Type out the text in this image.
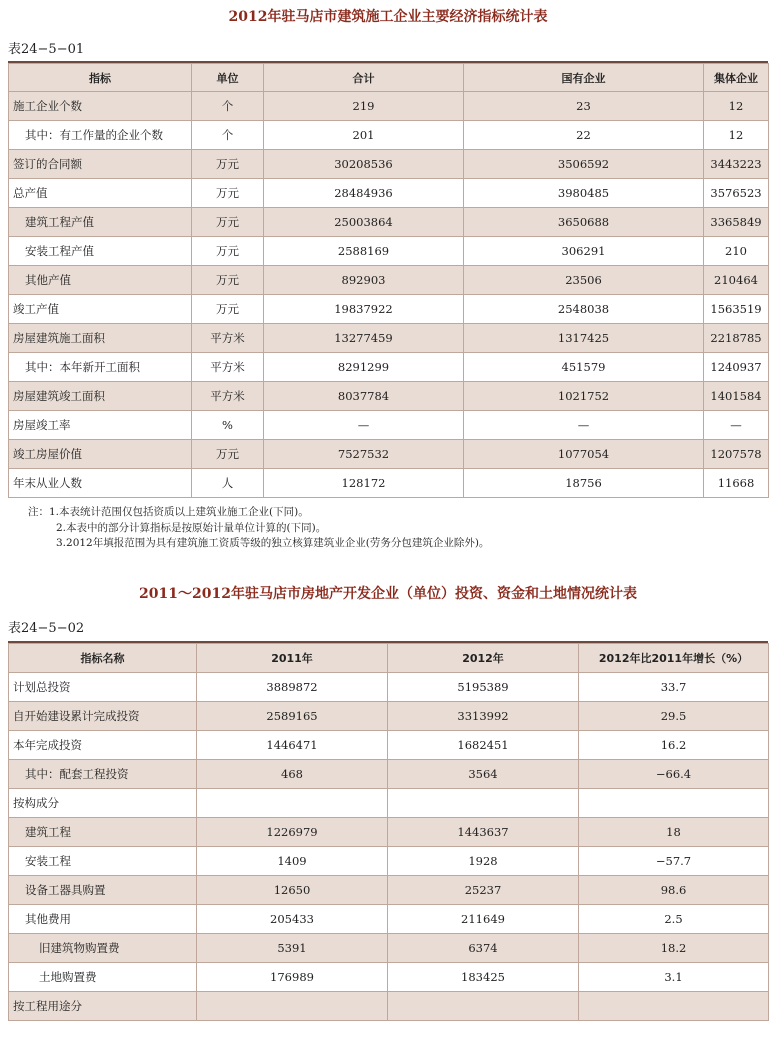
2012年驻马店市建筑施工企业主要经济指标统计表
表24−5−01
指标	单位	合计	国有企业	集体企业
施工企业个数	个	219	23	12
其中：有工作量的企业个数	个	201	22	12
签订的合同额	万元	30208536	3506592	3443223
总产值	万元	28484936	3980485	3576523
建筑工程产值	万元	25003864	3650688	3365849
安装工程产值	万元	2588169	306291	210
其他产值	万元	892903	23506	210464
竣工产值	万元	19837922	2548038	1563519
房屋建筑施工面积	平方米	13277459	1317425	2218785
其中：本年新开工面积	平方米	8291299	451579	1240937
房屋建筑竣工面积	平方米	8037784	1021752	1401584
房屋竣工率	%	—	—	—
竣工房屋价值	万元	7527532	1077054	1207578
年末从业人数	人	128172	18756	11668
注：1.本表统计范围仅包括资质以上建筑业施工企业(下同)。
2.本表中的部分计算指标是按原始计量单位计算的(下同)。
3.2012年填报范围为具有建筑施工资质等级的独立核算建筑业企业(劳务分包建筑企业除外)。
2011～2012年驻马店市房地产开发企业（单位）投资、资金和土地情况统计表
表24−5−02
指标名称	2011年	2012年	2012年比2011年增长（%）
计划总投资	3889872	5195389	33.7
自开始建设累计完成投资	2589165	3313992	29.5
本年完成投资	1446471	1682451	16.2
其中：配套工程投资	468	3564	−66.4
按构成分			
建筑工程	1226979	1443637	18
安装工程	1409	1928	−57.7
设备工器具购置	12650	25237	98.6
其他费用	205433	211649	2.5
旧建筑物购置费	5391	6374	18.2
土地购置费	176989	183425	3.1
按工程用途分			
